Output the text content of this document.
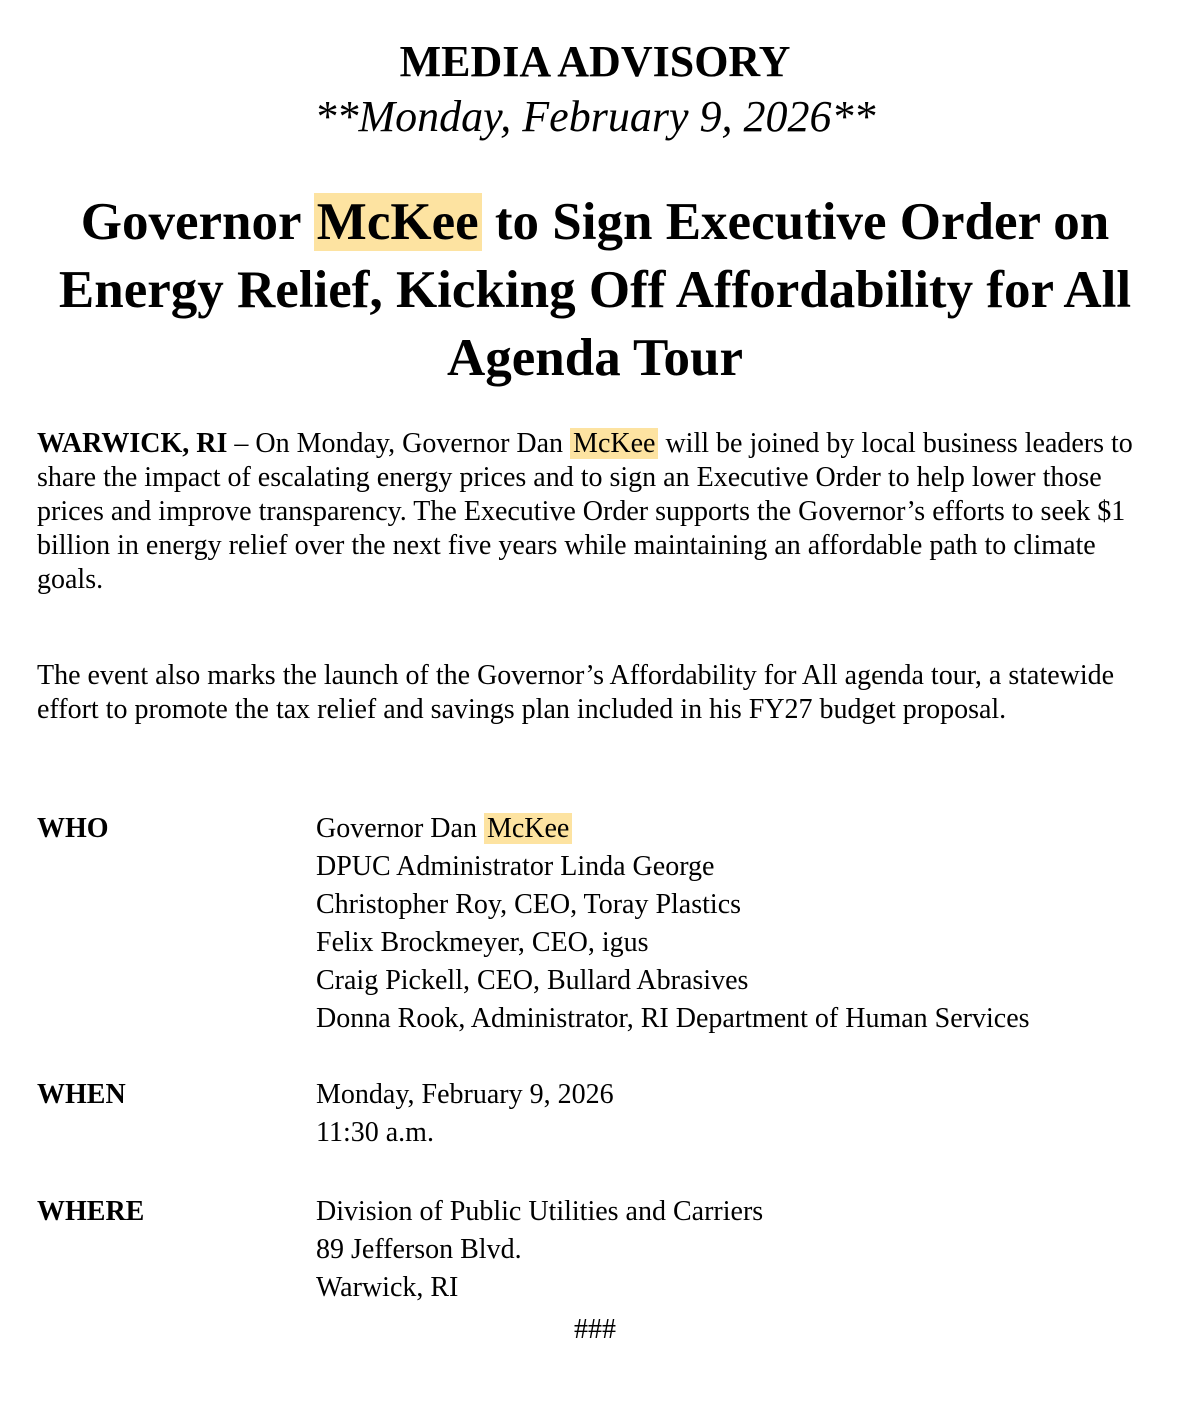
MEDIA ADVISORY
**Monday, February 9, 2026**
Governor McKee to Sign Executive Order on Energy Relief, Kicking Off Affordability for All Agenda Tour

WARWICK, RI – On Monday, Governor Dan McKee will be joined by local business leaders to share the impact of escalating energy prices and to sign an Executive Order to help lower those prices and improve transparency. The Executive Order supports the Governor’s efforts to seek $1 billion in energy relief over the next five years while maintaining an affordable path to climate goals.

The event also marks the launch of the Governor’s Affordability for All agenda tour, a statewide effort to promote the tax relief and savings plan included in his FY27 budget proposal.

WHO	Governor Dan McKee
DPUC Administrator Linda George
Christopher Roy, CEO, Toray Plastics
Felix Brockmeyer, CEO, igus
Craig Pickell, CEO, Bullard Abrasives
Donna Rook, Administrator, RI Department of Human Services
WHEN	Monday, February 9, 2026
11:30 a.m.
WHERE	Division of Public Utilities and Carriers
89 Jefferson Blvd.
Warwick, RI
###
